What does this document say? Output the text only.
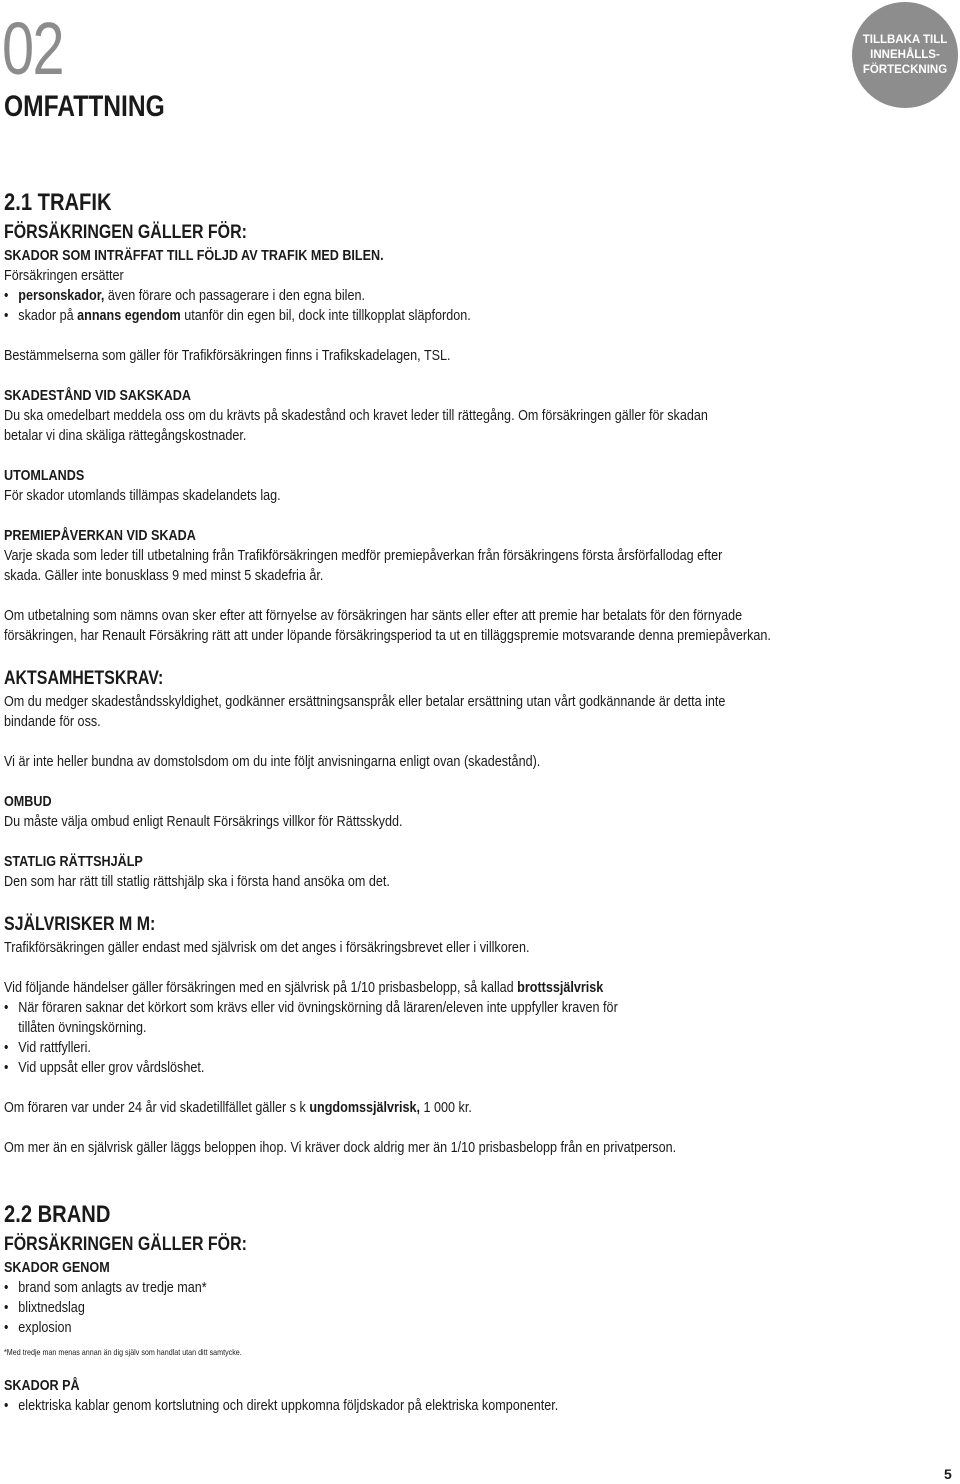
02
OMFATTNING
TILLBAKA TILL
INNEHÅLLS-
FÖRTECKNING
2.1 TRAFIK
FÖRSÄKRINGEN GÄLLER FÖR:
SKADOR SOM INTRÄFFAT TILL FÖLJD AV TRAFIK MED BILEN.

Försäkringen ersätter

• personskador, även förare och passagerare i den egna bilen.
• skador på annans egendom utanför din egen bil, dock inte tillkopplat släpfordon.

Bestämmelserna som gäller för Trafikförsäkringen finns i Trafikskadelagen, TSL.

SKADESTÅND VID SAKSKADA

Du ska omedelbart meddela oss om du krävts på skadestånd och kravet leder till rättegång. Om försäkringen gäller för skadan

betalar vi dina skäliga rättegångskostnader.

UTOMLANDS

För skador utomlands tillämpas skadelandets lag.

PREMIEPÅVERKAN VID SKADA

Varje skada som leder till utbetalning från Trafikförsäkringen medför premiepåverkan från försäkringens första årsförfallodag efter

skada. Gäller inte bonusklass 9 med minst 5 skadefria år.

Om utbetalning som nämns ovan sker efter att förnyelse av försäkringen har sänts eller efter att premie har betalats för den förnyade

försäkringen, har Renault Försäkring rätt att under löpande försäkringsperiod ta ut en tilläggspremie motsvarande denna premiepåverkan.

AKTSAMHETSKRAV:

Om du medger skadeståndsskyldighet, godkänner ersättningsanspråk eller betalar ersättning utan vårt godkännande är detta inte

bindande för oss.

Vi är inte heller bundna av domstolsdom om du inte följt anvisningarna enligt ovan (skadestånd).

OMBUD

Du måste välja ombud enligt Renault Försäkrings villkor för Rättsskydd.

STATLIG RÄTTSHJÄLP

Den som har rätt till statlig rättshjälp ska i första hand ansöka om det.

SJÄLVRISKER M M:

Trafikförsäkringen gäller endast med självrisk om det anges i försäkringsbrevet eller i villkoren.

Vid följande händelser gäller försäkringen med en självrisk på 1/10 prisbasbelopp, så kallad brottssjälvrisk

• När föraren saknar det körkort som krävs eller vid övningskörning då läraren/eleven inte uppfyller kraven för
tillåten övningskörning.
• Vid rattfylleri.
• Vid uppsåt eller grov vårdslöshet.

Om föraren var under 24 år vid skadetillfället gäller s k ungdomssjälvrisk, 1 000 kr.

Om mer än en självrisk gäller läggs beloppen ihop. Vi kräver dock aldrig mer än 1/10 prisbasbelopp från en privatperson.

2.2 BRAND
FÖRSÄKRINGEN GÄLLER FÖR:
SKADOR GENOM
• brand som anlagts av tredje man*
• blixtnedslag
• explosion

*Med tredje man menas annan än dig själv som handlat utan ditt samtycke.

SKADOR PÅ
• elektriska kablar genom kortslutning och direkt uppkomna följdskador på elektriska komponenter.
5
